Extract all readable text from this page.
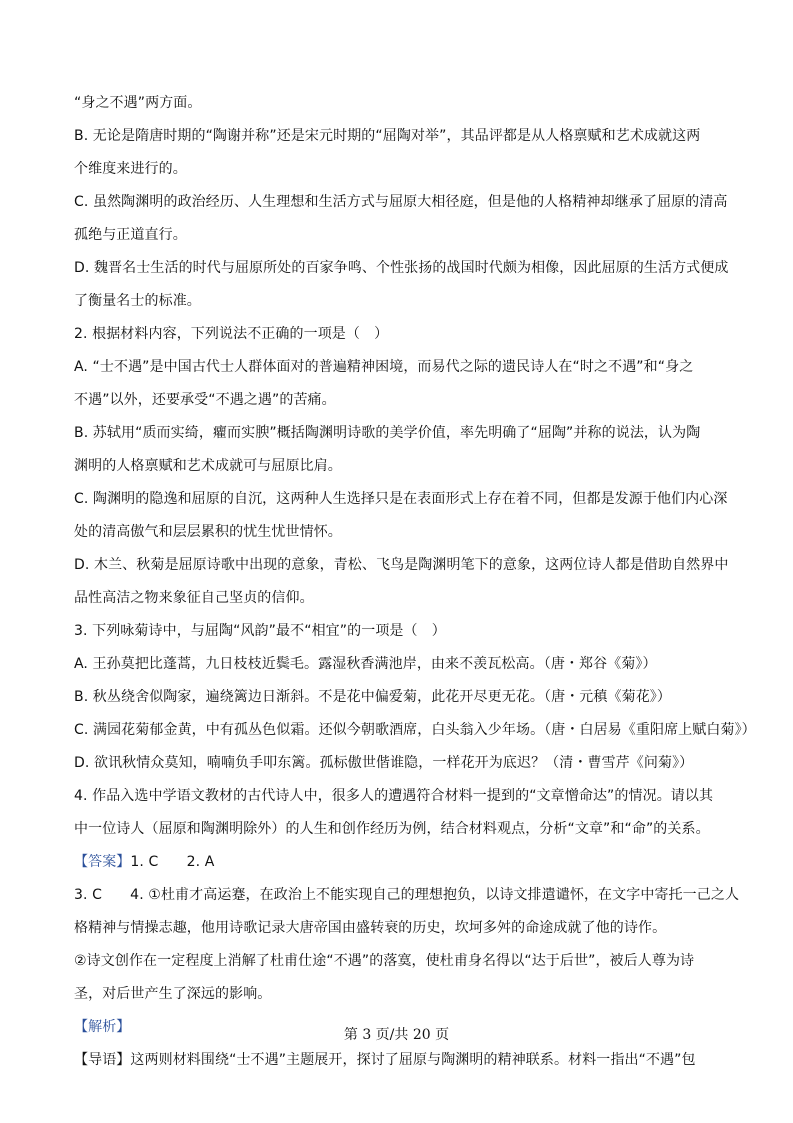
“身之不遇”两方面。
B. 无论是隋唐时期的“陶谢并称”还是宋元时期的“屈陶对举”，其品评都是从人格禀赋和艺术成就这两
个维度来进行的。
C. 虽然陶渊明的政治经历、人生理想和生活方式与屈原大相径庭，但是他的人格精神却继承了屈原的清高
孤绝与正道直行。
D. 魏晋名士生活的时代与屈原所处的百家争鸣、个性张扬的战国时代颇为相像，因此屈原的生活方式便成
了衡量名士的标准。
2. 根据材料内容，下列说法不正确的一项是（　）
A. “士不遇”是中国古代士人群体面对的普遍精神困境，而易代之际的遗民诗人在“时之不遇”和“身之
不遇”以外，还要承受“不遇之遇”的苦痛。
B. 苏轼用“质而实绮，癯而实腴”概括陶渊明诗歌的美学价值，率先明确了“屈陶”并称的说法，认为陶
渊明的人格禀赋和艺术成就可与屈原比肩。
C. 陶渊明的隐逸和屈原的自沉，这两种人生选择只是在表面形式上存在着不同，但都是发源于他们内心深
处的清高傲气和层层累积的忧生忧世情怀。
D. 木兰、秋菊是屈原诗歌中出现的意象，青松、飞鸟是陶渊明笔下的意象，这两位诗人都是借助自然界中
品性高洁之物来象征自己坚贞的信仰。
3. 下列咏菊诗中，与屈陶“风韵”最不“相宜”的一项是（　）
A. 王孙莫把比蓬蒿，九日枝枝近鬓毛。露湿秋香满池岸，由来不羡瓦松高。（唐・郑谷《菊》）
B. 秋丛绕舍似陶家，遍绕篱边日渐斜。不是花中偏爱菊，此花开尽更无花。（唐・元稹《菊花》）
C. 满园花菊郁金黄，中有孤丛色似霜。还似今朝歌酒席，白头翁入少年场。（唐・白居易《重阳席上赋白菊》）
D. 欲讯秋情众莫知，喃喃负手叩东篱。孤标傲世偕谁隐，一样花开为底迟？（清・曹雪芹《问菊》）
4. 作品入选中学语文教材的古代诗人中，很多人的遭遇符合材料一提到的“文章憎命达”的情况。请以其
中一位诗人（屈原和陶渊明除外）的人生和创作经历为例，结合材料观点，分析“文章”和“命”的关系。
【答案】1. C　　2. A
3. C　　4. ①杜甫才高运蹇，在政治上不能实现自己的理想抱负，以诗文排遣谴怀，在文字中寄托一己之人
格精神与情操志趣，他用诗歌记录大唐帝国由盛转衰的历史，坎坷多舛的命途成就了他的诗作。
②诗文创作在一定程度上消解了杜甫仕途“不遇”的落寞，使杜甫身名得以“达于后世”，被后人尊为诗
圣，对后世产生了深远的影响。
【解析】
【导语】这两则材料围绕“士不遇”主题展开，探讨了屈原与陶渊明的精神联系。材料一指出“不遇”包
第 3 页/共 20 页
